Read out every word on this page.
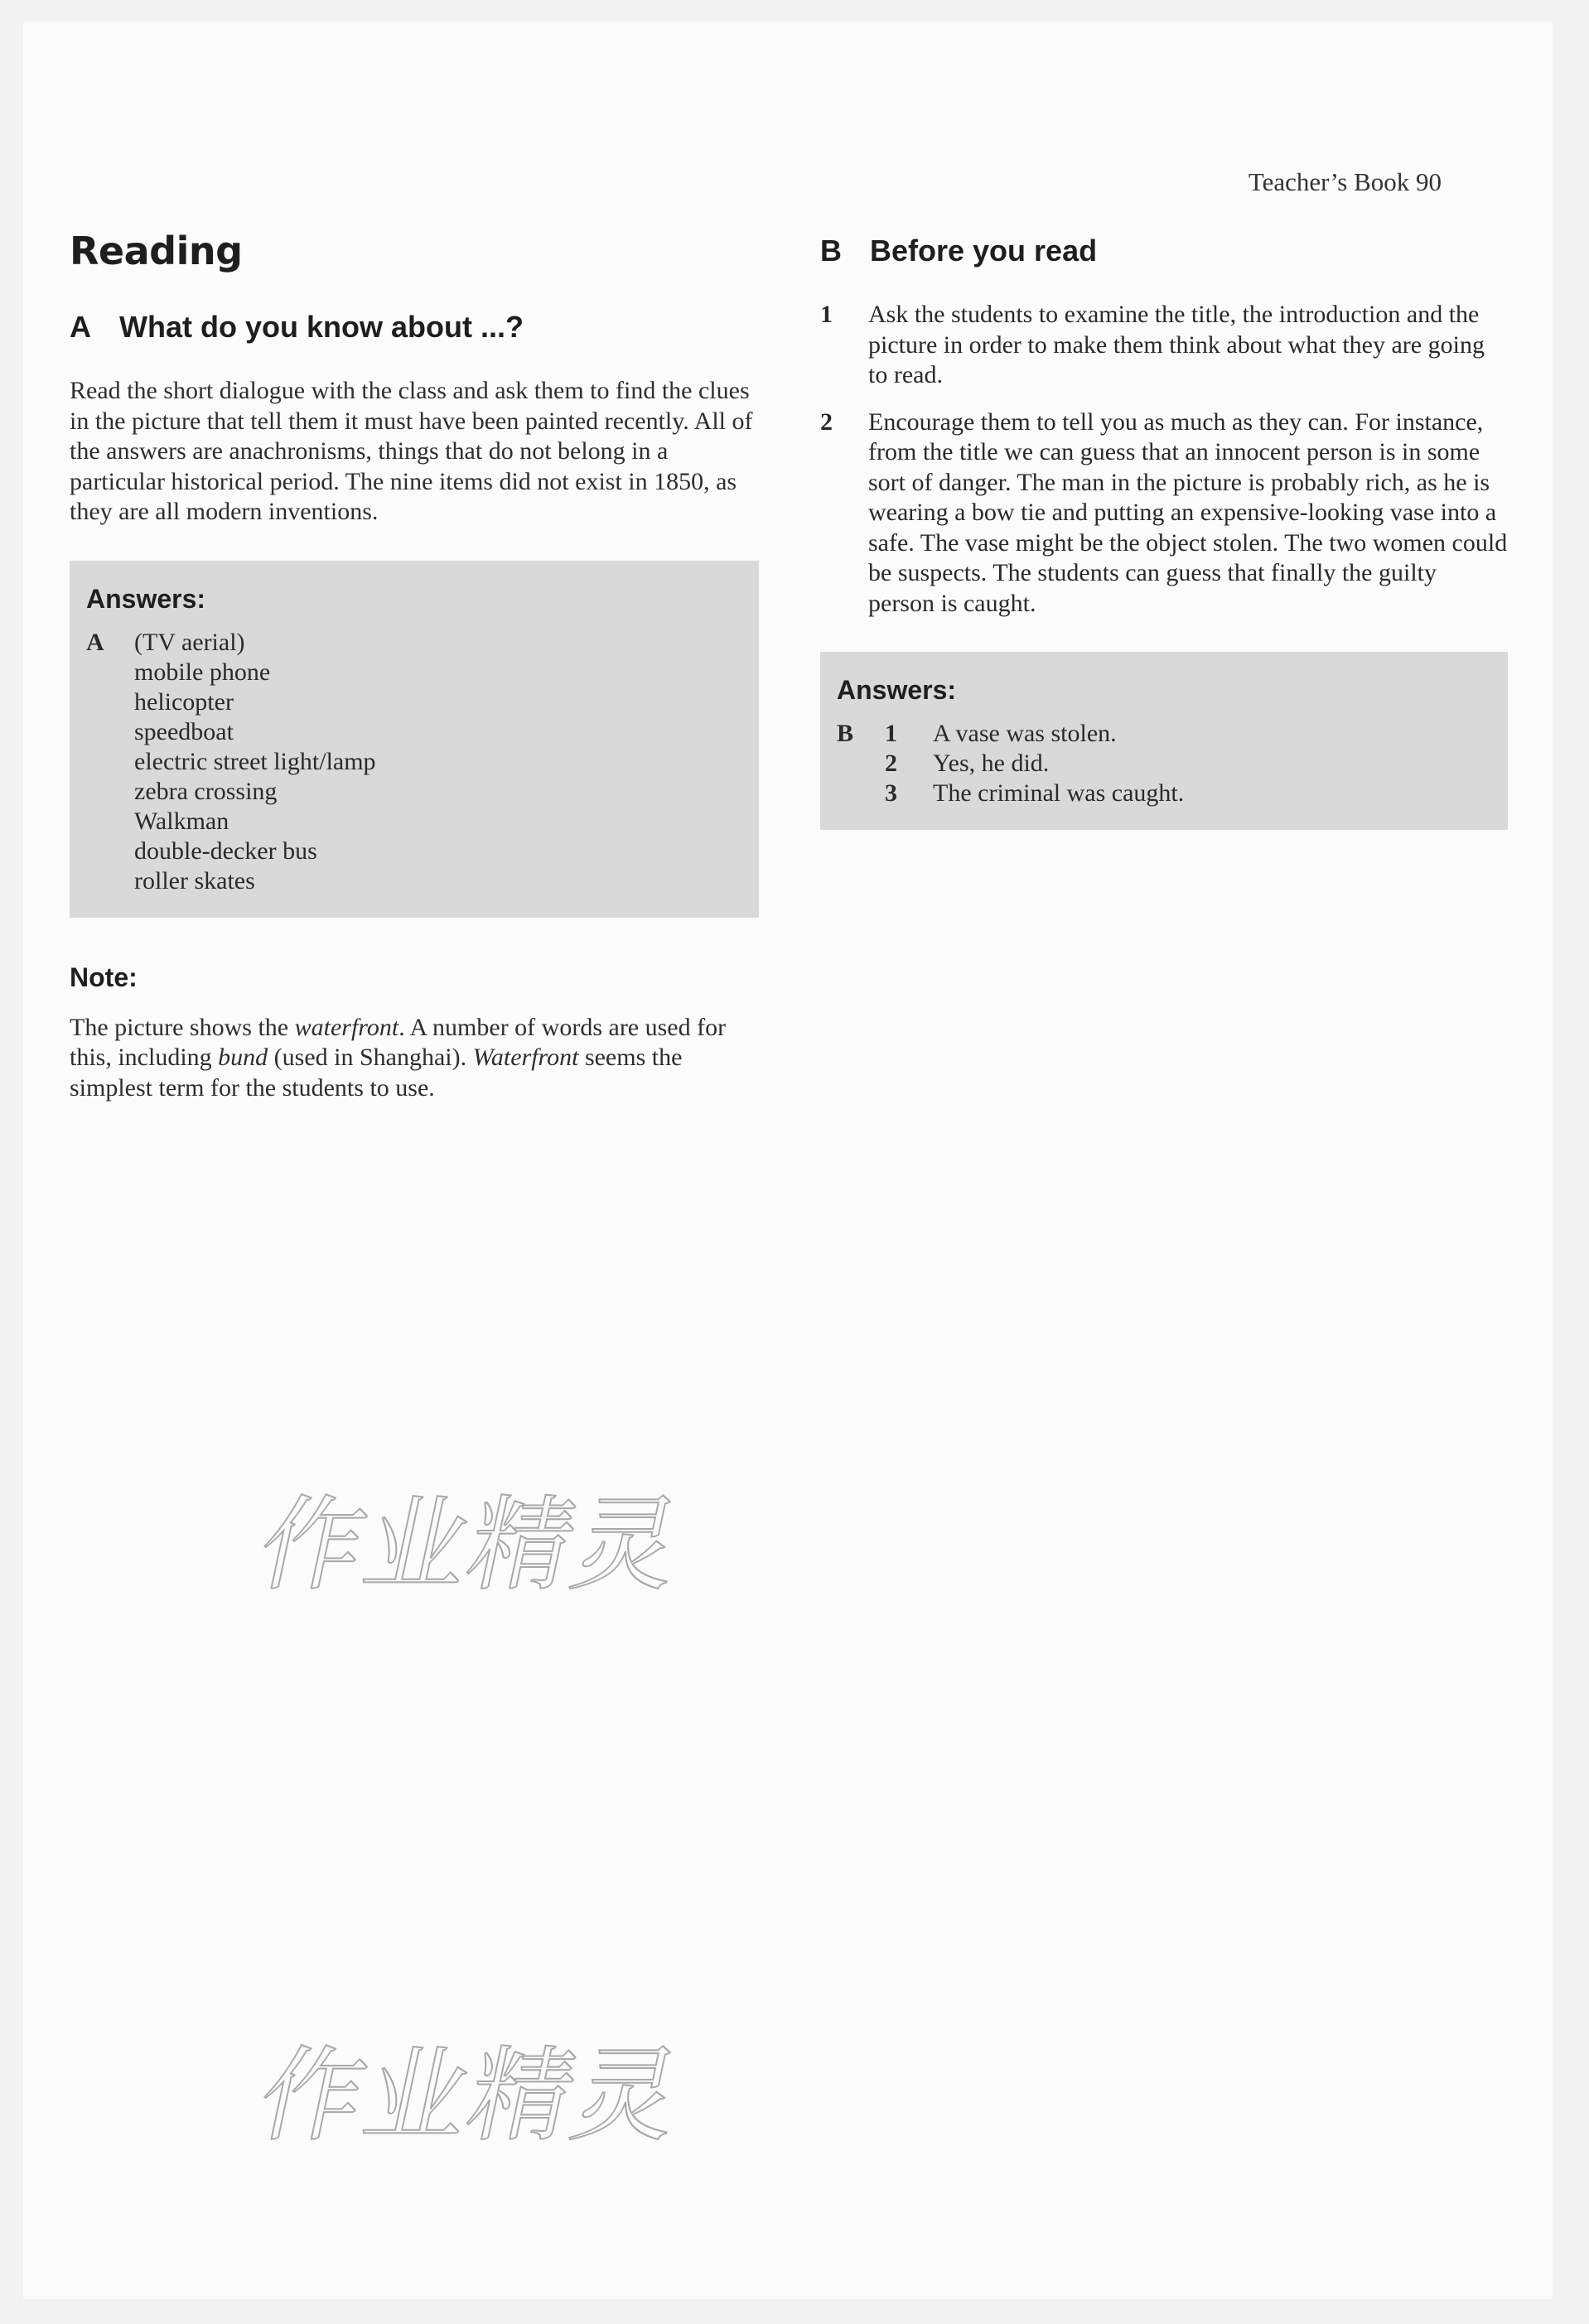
Teacher’s Book 90
Reading
A What do you know about ...?

Read the short dialogue with the class and ask them to find the clues in the picture that tell them it must have been painted recently. All of the answers are anachronisms, things that do not belong in a particular historical period. The nine items did not exist in 1850, as they are all modern inventions.

Answers:
A	(TV aerial)
mobile phone
helicopter
speedboat
electric street light/lamp
zebra crossing
Walkman
double-decker bus
roller skates
Note:

The picture shows the waterfront. A number of words are used for this, including bund (used in Shanghai). Waterfront seems the simplest term for the students to use.

B Before you read
1	Ask the students to examine the title, the introduction and the picture in order to make them think about what they are going to read.
2	Encourage them to tell you as much as they can. For instance, from the title we can guess that an innocent person is in some sort of danger. The man in the picture is probably rich, as he is wearing a bow tie and putting an expensive-looking vase into a safe. The vase might be the object stolen. The two women could be suspects. The students can guess that finally the guilty person is caught.
Answers:
B	1	A vase was stolen.
2	Yes, he did.
3	The criminal was caught.
作业精灵
作业精灵
